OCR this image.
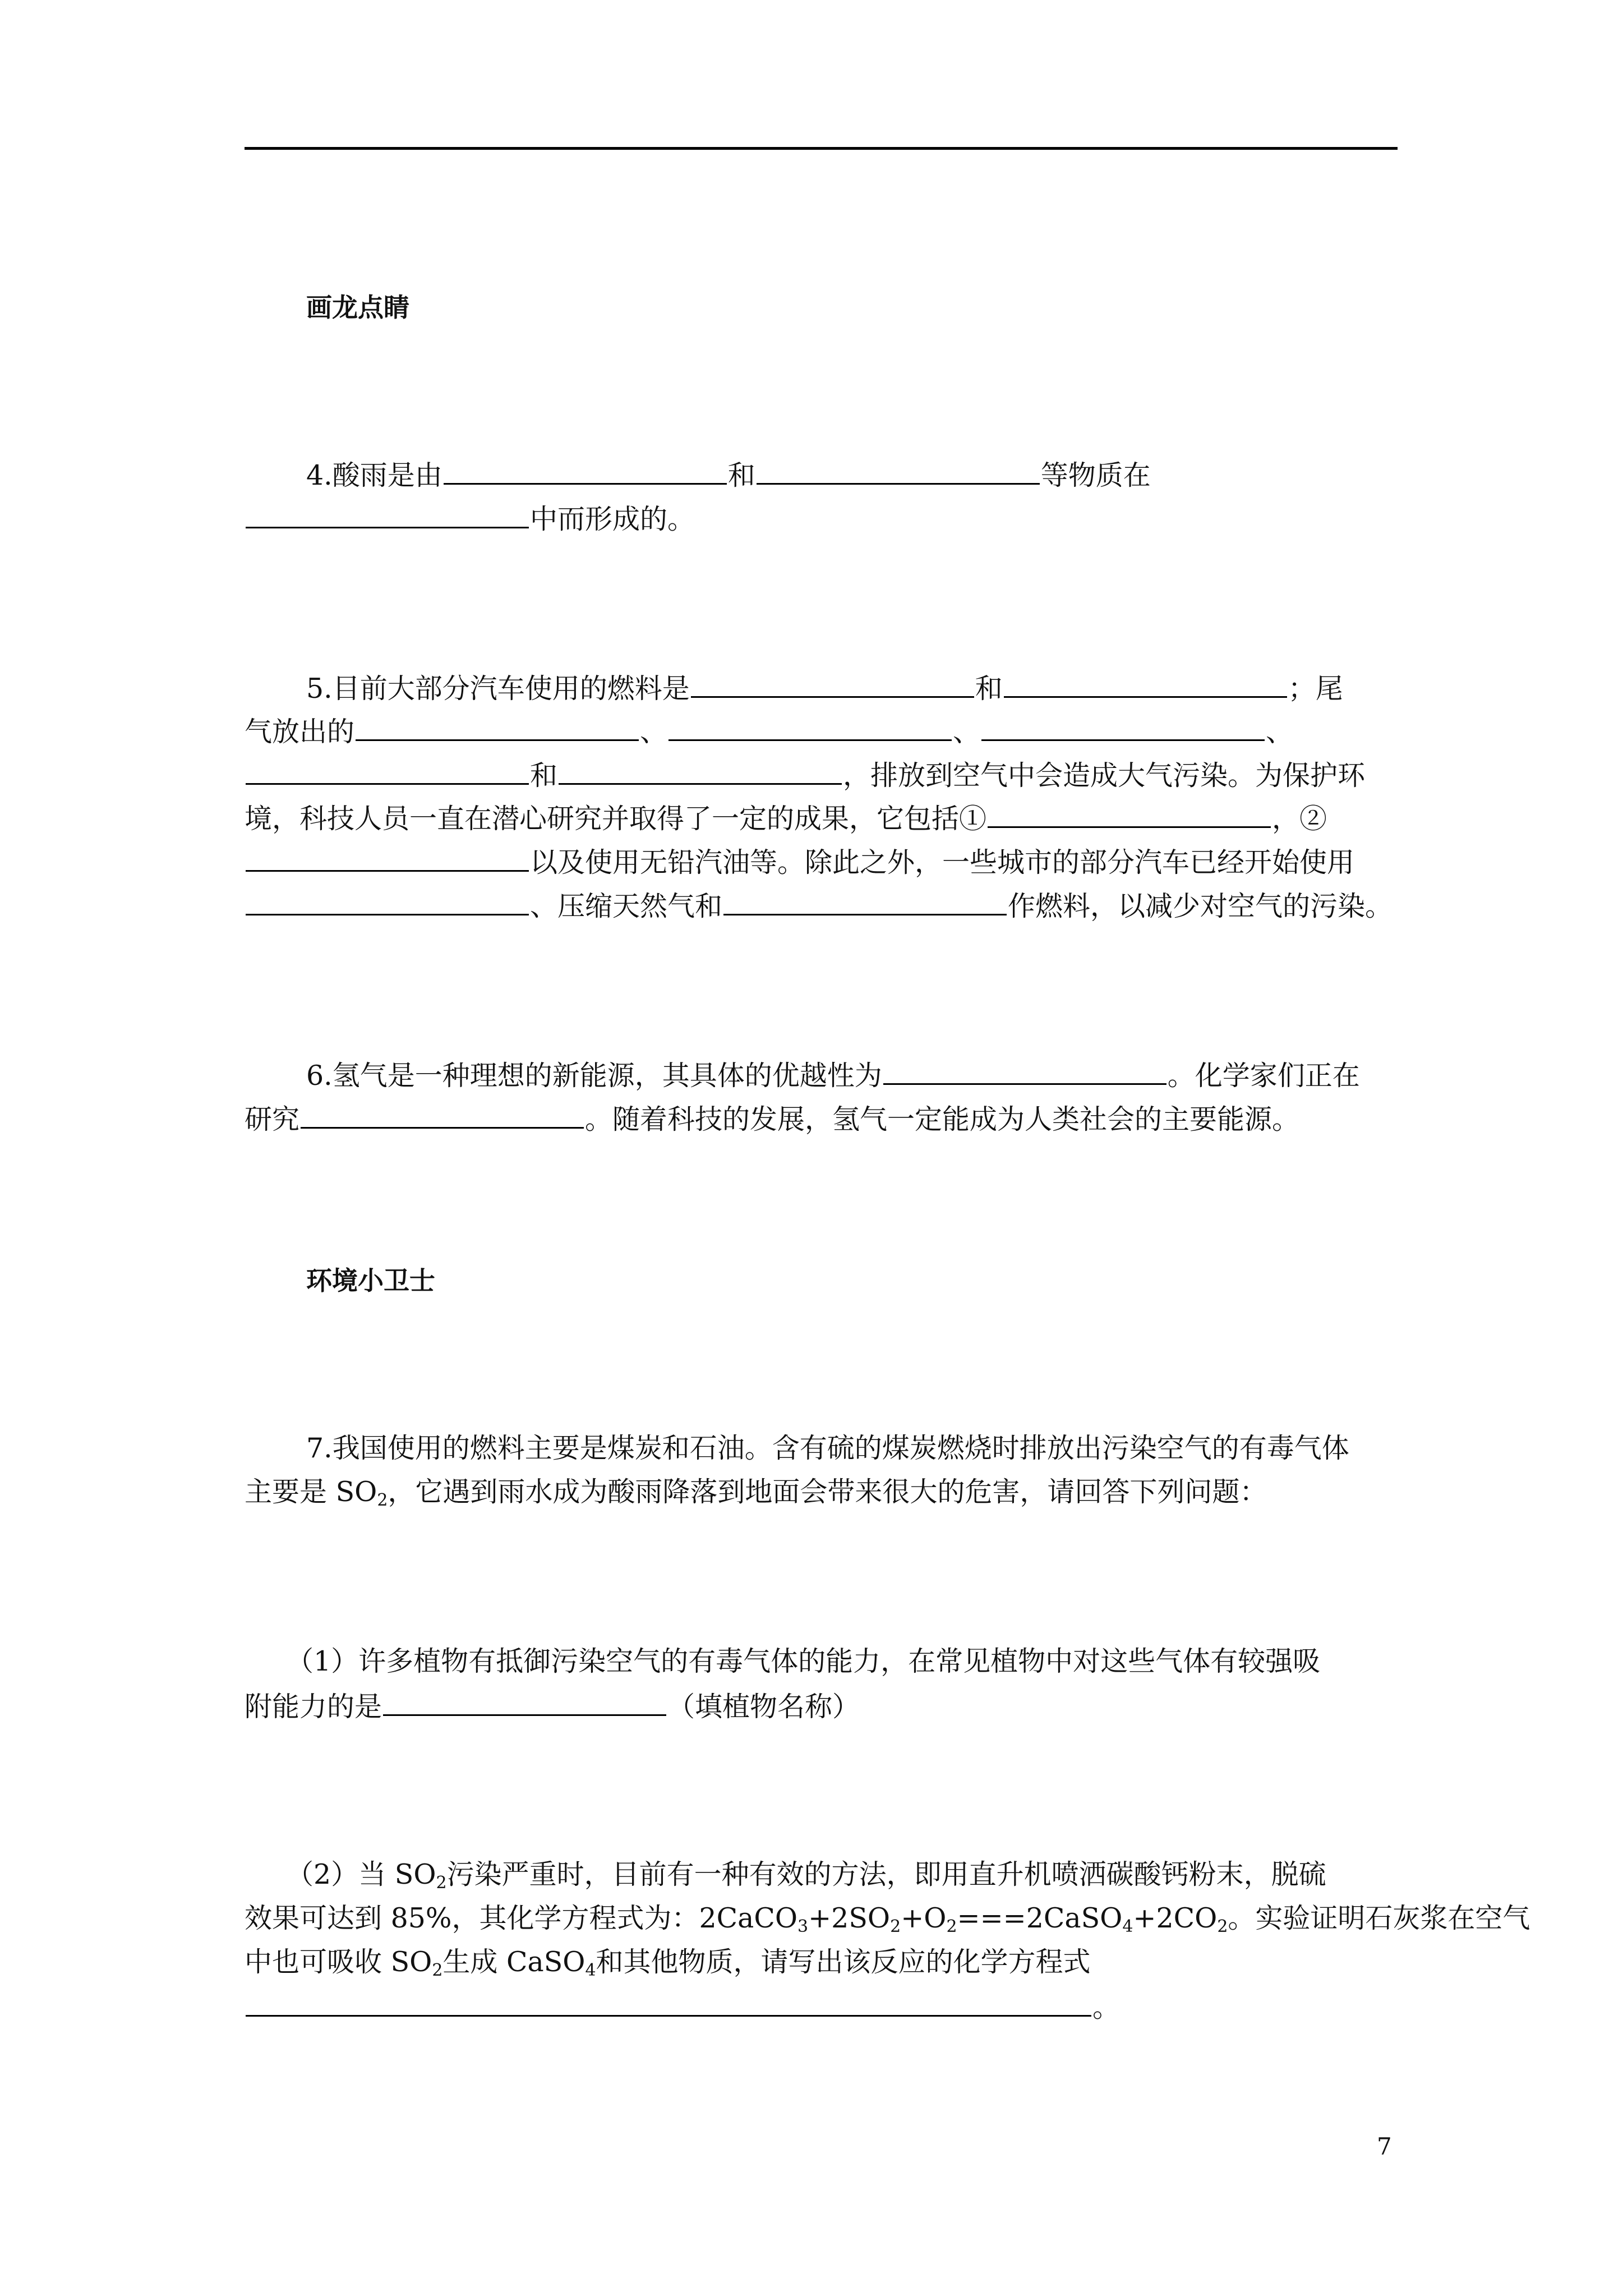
画龙点睛
4.酸雨是由	和	等物质在
中而形成的。
5.目前大部分汽车使用的燃料是	和	；尾
气放出的	、	、	、
和	，排放到空气中会造成大气污染。为保护环
境，科技人员一直在潜心研究并取得了一定的成果，它包括①	，②
以及使用无铅汽油等。除此之外，一些城市的部分汽车已经开始使用
、压缩天然气和	作燃料，以减少对空气的污染。
6.氢气是一种理想的新能源，其具体的优越性为	。化学家们正在
研究	。随着科技的发展，氢气一定能成为人类社会的主要能源。
环境小卫士
7.我国使用的燃料主要是煤炭和石油。含有硫的煤炭燃烧时排放出污染空气的有毒气体
主要是 $SO_2$，它遇到雨水成为酸雨降落到地面会带来很大的危害，请回答下列问题：
（1）许多植物有抵御污染空气的有毒气体的能力，在常见植物中对这些气体有较强吸
附能力的是	（填植物名称）
（2）当 $SO_2$污染严重时，目前有一种有效的方法，即用直升机喷洒碳酸钙粉末，脱硫
效果可达到 85%，其化学方程式为：$2CaCO_3+2SO_2+O_2===2CaSO_4+2CO_2$。实验证明石灰浆在空气
中也可吸收 $SO_2$生成 CaSO$_4$和其他物质，请写出该反应的化学方程式
。
7
